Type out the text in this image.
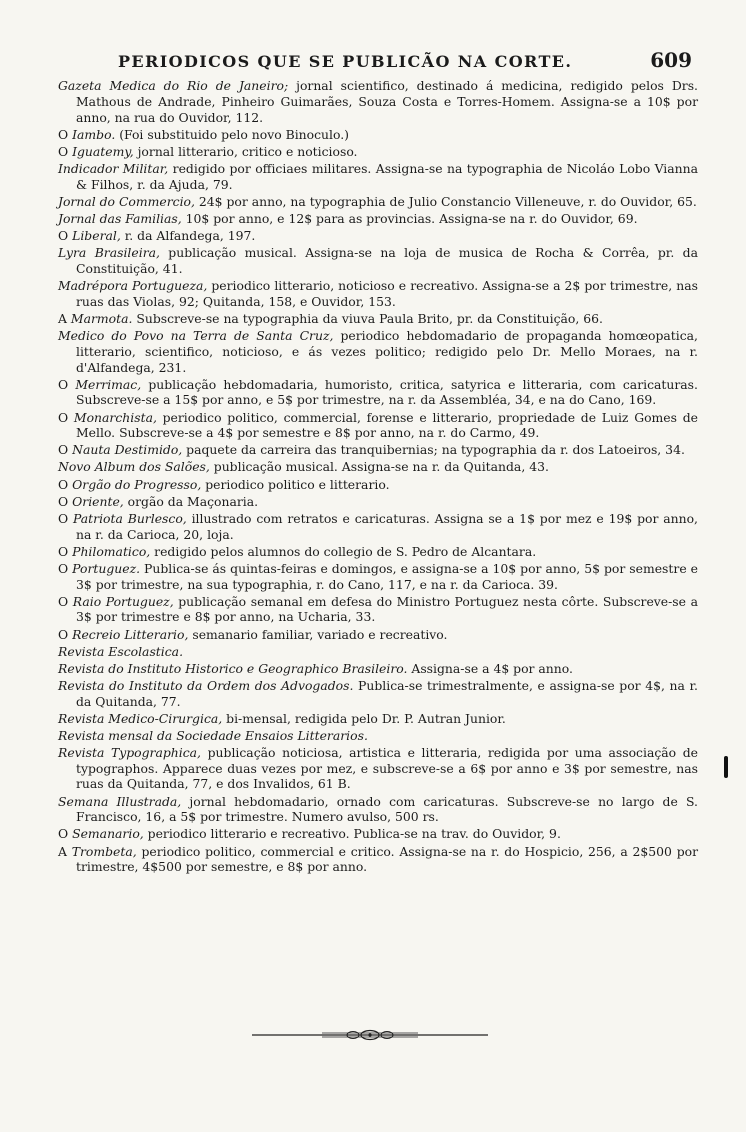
PERIODICOS QUE SE PUBLICÃO NA CORTE.	609
Gazeta Medica do Rio de Janeiro; jornal scientifico, destinado á medicina, redigido pelos Drs. Mathous de Andrade, Pinheiro Guimarães, Souza Costa e Torres-Homem. Assigna-se a 10$ por anno, na rua do Ouvidor, 112.
O Iambo. (Foi substituido pelo novo Binoculo.)
O Iguatemy, jornal litterario, critico e noticioso.
Indicador Militar, redigido por officiaes militares. Assigna-se na typographia de Nicoláo Lobo Vianna & Filhos, r. da Ajuda, 79.
Jornal do Commercio, 24$ por anno, na typographia de Julio Constancio Villeneuve, r. do Ouvidor, 65.
Jornal das Familias, 10$ por anno, e 12$ para as provincias. Assigna-se na r. do Ouvidor, 69.
O Liberal, r. da Alfandega, 197.
Lyra Brasileira, publicação musical. Assigna-se na loja de musica de Rocha & Corrêa, pr. da Constituição, 41.
Madrépora Portugueza, periodico litterario, noticioso e recreativo. Assigna-se a 2$ por trimestre, nas ruas das Violas, 92; Quitanda, 158, e Ouvidor, 153.
A Marmota. Subscreve-se na typographia da viuva Paula Brito, pr. da Constituição, 66.
Medico do Povo na Terra de Santa Cruz, periodico hebdomadario de propaganda homœopatica, litterario, scientifico, noticioso, e ás vezes politico; redigido pelo Dr. Mello Moraes, na r. d'Alfandega, 231.
O Merrimac, publicação hebdomadaria, humoristo, critica, satyrica e litteraria, com caricaturas. Subscreve-se a 15$ por anno, e 5$ por trimestre, na r. da Assembléa, 34, e na do Cano, 169.
O Monarchista, periodico politico, commercial, forense e litterario, propriedade de Luiz Gomes de Mello. Subscreve-se a 4$ por semestre e 8$ por anno, na r. do Carmo, 49.
O Nauta Destimido, paquete da carreira das tranquibernias; na typographia da r. dos Latoeiros, 34.
Novo Album dos Salões, publicação musical. Assigna-se na r. da Quitanda, 43.
O Orgão do Progresso, periodico politico e litterario.
O Oriente, orgão da Maçonaria.
O Patriota Burlesco, illustrado com retratos e caricaturas. Assigna se a 1$ por mez e 19$ por anno, na r. da Carioca, 20, loja.
O Philomatico, redigido pelos alumnos do collegio de S. Pedro de Alcantara.
O Portuguez. Publica-se ás quintas-feiras e domingos, e assigna-se a 10$ por anno, 5$ por semestre e 3$ por trimestre, na sua typographia, r. do Cano, 117, e na r. da Carioca. 39.
O Raio Portuguez, publicação semanal em defesa do Ministro Portuguez nesta côrte. Subscreve-se a 3$ por trimestre e 8$ por anno, na Ucharia, 33.
O Recreio Litterario, semanario familiar, variado e recreativo.
Revista Escolastica.
Revista do Instituto Historico e Geographico Brasileiro. Assigna-se a 4$ por anno.
Revista do Instituto da Ordem dos Advogados. Publica-se trimestralmente, e assigna-se por 4$, na r. da Quitanda, 77.
Revista Medico-Cirurgica, bi-mensal, redigida pelo Dr. P. Autran Junior.
Revista mensal da Sociedade Ensaios Litterarios.
Revista Typographica, publicação noticiosa, artistica e litteraria, redigida por uma associação de typographos. Apparece duas vezes por mez, e subscreve-se a 6$ por anno e 3$ por semestre, nas ruas da Quitanda, 77, e dos Invalidos, 61 B.
Semana Illustrada, jornal hebdomadario, ornado com caricaturas. Subscreve-se no largo de S. Francisco, 16, a 5$ por trimestre. Numero avulso, 500 rs.
O Semanario, periodico litterario e recreativo. Publica-se na trav. do Ouvidor, 9.
A Trombeta, periodico politico, commercial e critico. Assigna-se na r. do Hospicio, 256, a 2$500 por trimestre, 4$500 por semestre, e 8$ por anno.
